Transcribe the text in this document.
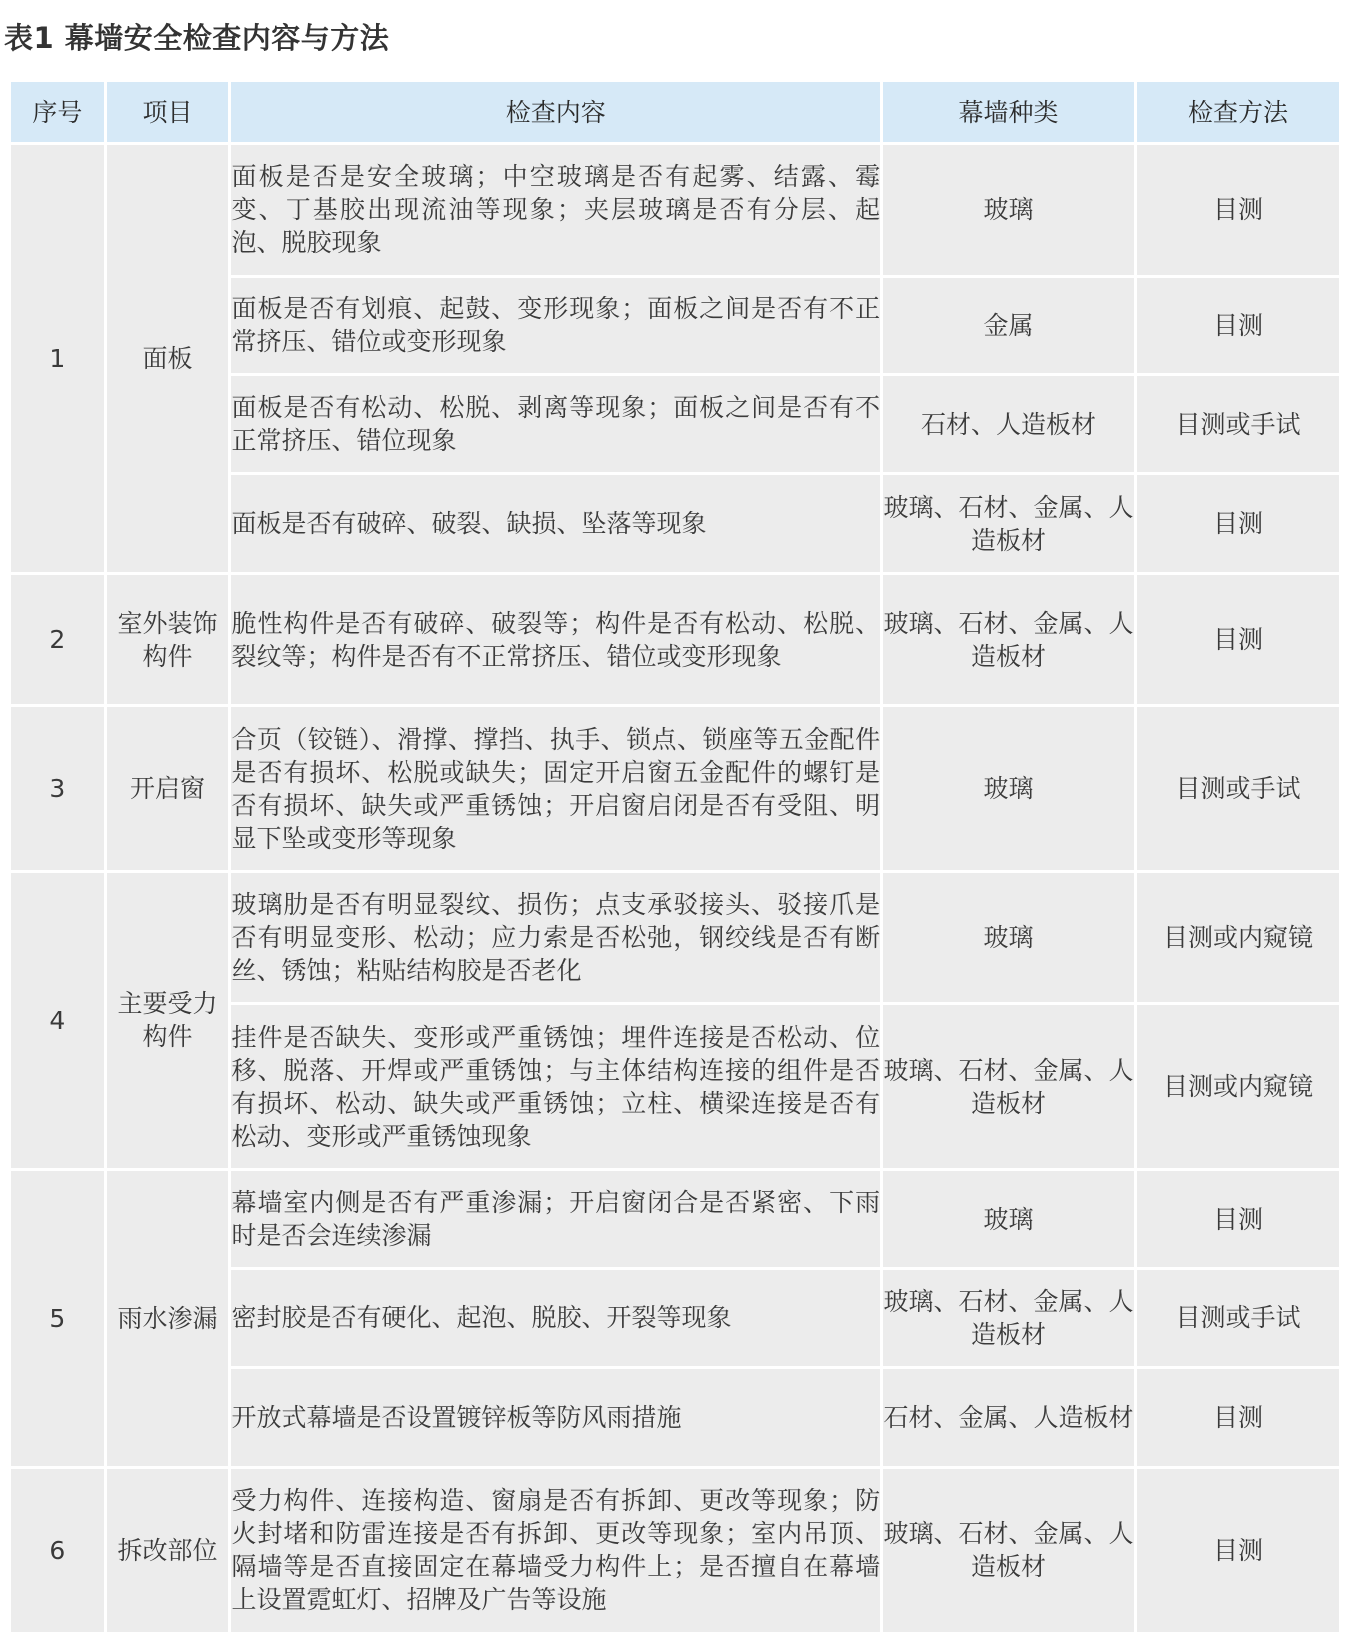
表1 幕墙安全检查内容与方法
序号	项目	检查内容	幕墙种类	检查方法
1	面板	面板是否是安全玻璃；中空玻璃是否有起雾、结露、霉变、丁基胶出现流油等现象；夹层玻璃是否有分层、起泡、脱胶现象	玻璃	目测
		面板是否有划痕、起鼓、变形现象；面板之间是否有不正常挤压、错位或变形现象	金属	目测
		面板是否有松动、松脱、剥离等现象；面板之间是否有不正常挤压、错位现象	石材、人造板材	目测或手试
		面板是否有破碎、破裂、缺损、坠落等现象	玻璃、石材、金属、人造板材	目测
2	室外装饰构件	脆性构件是否有破碎、破裂等；构件是否有松动、松脱、裂纹等；构件是否有不正常挤压、错位或变形现象	玻璃、石材、金属、人造板材	目测
3	开启窗	合页（铰链）、滑撑、撑挡、执手、锁点、锁座等五金配件是否有损坏、松脱或缺失；固定开启窗五金配件的螺钉是否有损坏、缺失或严重锈蚀；开启窗启闭是否有受阻、明显下坠或变形等现象	玻璃	目测或手试
4	主要受力构件	玻璃肋是否有明显裂纹、损伤；点支承驳接头、驳接爪是否有明显变形、松动；应力索是否松弛，钢绞线是否有断丝、锈蚀；粘贴结构胶是否老化	玻璃	目测或内窥镜
		挂件是否缺失、变形或严重锈蚀；埋件连接是否松动、位移、脱落、开焊或严重锈蚀；与主体结构连接的组件是否有损坏、松动、缺失或严重锈蚀；立柱、横梁连接是否有松动、变形或严重锈蚀现象	玻璃、石材、金属、人造板材	目测或内窥镜
5	雨水渗漏	幕墙室内侧是否有严重渗漏；开启窗闭合是否紧密、下雨时是否会连续渗漏	玻璃	目测
		密封胶是否有硬化、起泡、脱胶、开裂等现象	玻璃、石材、金属、人造板材	目测或手试
		开放式幕墙是否设置镀锌板等防风雨措施	石材、金属、人造板材	目测
6	拆改部位	受力构件、连接构造、窗扇是否有拆卸、更改等现象；防火封堵和防雷连接是否有拆卸、更改等现象；室内吊顶、隔墙等是否直接固定在幕墙受力构件上；是否擅自在幕墙上设置霓虹灯、招牌及广告等设施	玻璃、石材、金属、人造板材	目测
